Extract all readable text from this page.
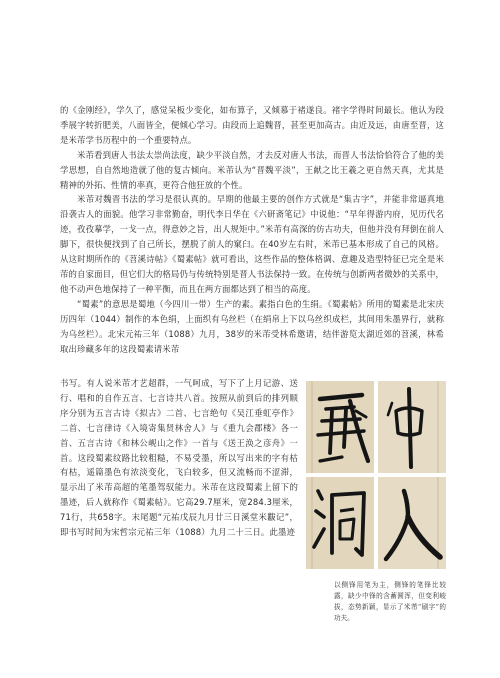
的《金刚经》，学久了，感觉呆板少变化，如布算子，又倾慕于褚遂良。褚字学得时间最长。他认为段季展字转折肥美，八面皆全，便倾心学习。由段而上追魏晋，甚至更加高古。由近及远，由唐至晋，这是米芾学书历程中的一个重要特点。

米芾看到唐人书法太崇尚法度，缺少平淡自然，才去反对唐人书法，而晋人书法恰恰符合了他的美学思想，自自然地造就了他的复古倾向。米芾认为“晋魏平淡”，王献之比王羲之更自然天真，尤其是精神的外拓、性情的率真，更符合他狂放的个性。

米芾对魏晋书法的学习是很认真的。早期的他最主要的创作方式就是“集古字”，并能非常逼真地沿袭古人的面貌。他学习非常勤奋，明代李日华在《六研斋笔记》中说他：“早年得游内府，见历代名迹，孜孜摹学，一戈一点，得意妙之旨，出人规矩中。”米芾有高深的仿古功夫，但他并没有拜倒在前人脚下，很快便找到了自己所长，摆脱了前人的窠臼。在40岁左右时，米芾已基本形成了自己的风格。从这时期所作的《苕溪诗帖》《蜀素帖》就可看出，这些作品的整体格调、意趣及造型特征已完全是米芾的自家面目，但它们大的格局仍与传统特别是晋人书法保持一致。在传统与创新两者微妙的关系中，他不动声色地保持了一种平衡，而且在两方面都达到了相当的高度。

“蜀素”的意思是蜀地（今四川一带）生产的素。素指白色的生绢。《蜀素帖》所用的蜀素是北宋庆历四年（1044）制作的本色绢，上面织有乌丝栏（在绢帛上下以乌丝织成栏，其间用朱墨界行，就称为乌丝栏）。北宋元祐三年（1088）九月，38岁的米芾受林希邀请，结伴游览太湖近郊的苕溪，林希取出珍藏多年的这段蜀素请米芾

书写。有人说米芾才艺超群，一气呵成，写下了上月记游、送行、唱和的自作五言、七言诗共八首。按照从前到后的排列顺序分别为五言古诗《拟古》二首、七言绝句《吴江垂虹亭作》二首、七言律诗《入境寄集贤林舍人》与《重九会郡楼》各一首、五言古诗《和林公岘山之作》一首与《送王涣之彦舟》一首。这段蜀素纹路比较粗糙，不易受墨，所以写出来的字有枯有枯，遥篇墨色有浓淡变化，飞白较多，但又流畅而不涩滞，显示出了米芾高超的笔墨驾驭能力。米芾在这段蜀素上留下的墨迹，后人就称作《蜀素帖》。它高29.7厘米，宽284.3厘米，71行，共658字。末尾题“元祐戊辰九月廿三日溪堂米黻记”，即书写时间为宋哲宗元祐三年（1088）九月二十三日。此墨迹

以侧锋用笔为主，侧锋的笔锋比较露，缺少中锋的含蓄圆浑，但变利峻拔，态势新颖，显示了米芾“刷字”的功夫。
